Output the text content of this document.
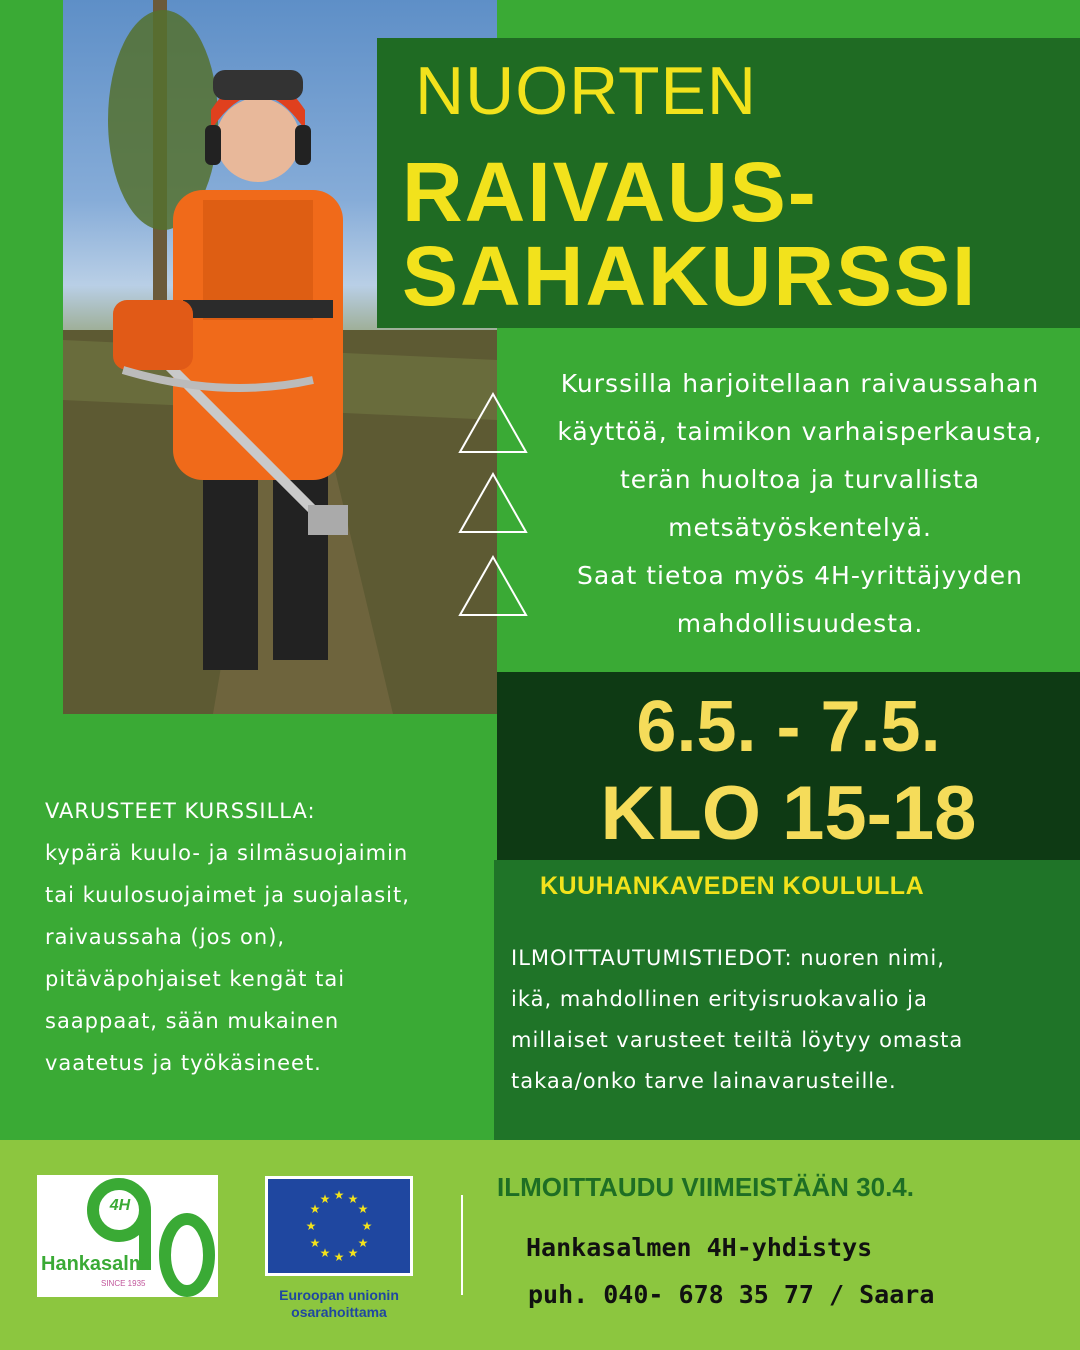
NUORTEN
RAIVAUS-
SAHAKURSSI
Kurssilla harjoitellaan raivaussahan
käyttöä, taimikon varhaisperkausta,
terän huoltoa ja turvallista
metsätyöskentelyä.
Saat tietoa myös 4H-yrittäjyyden
mahdollisuudesta.
6.5. - 7.5.
KLO 15-18
KUUHANKAVEDEN KOULULLA
ILMOITTAUTUMISTIEDOT: nuoren nimi,
ikä, mahdollinen erityisruokavalio ja
millaiset varusteet teiltä löytyy omasta
takaa/onko tarve lainavarusteille.
VARUSTEET KURSSILLA:
kypärä kuulo- ja silmäsuojaimin
tai kuulosuojaimet ja suojalasit,
raivaussaha (jos on),
pitäväpohjaiset kengät tai
saappaat, sään mukainen
vaatetus ja työkäsineet.
4H
Hankasalmi
SINCE 1935
★ ★
★
★
★
★
★
★
★
★
★
★
Euroopan unionin
osarahoittama
ILMOITTAUDU VIIMEISTÄÄN 30.4.
Hankasalmen 4H-yhdistys
puh. 040- 678 35 77 / Saara
